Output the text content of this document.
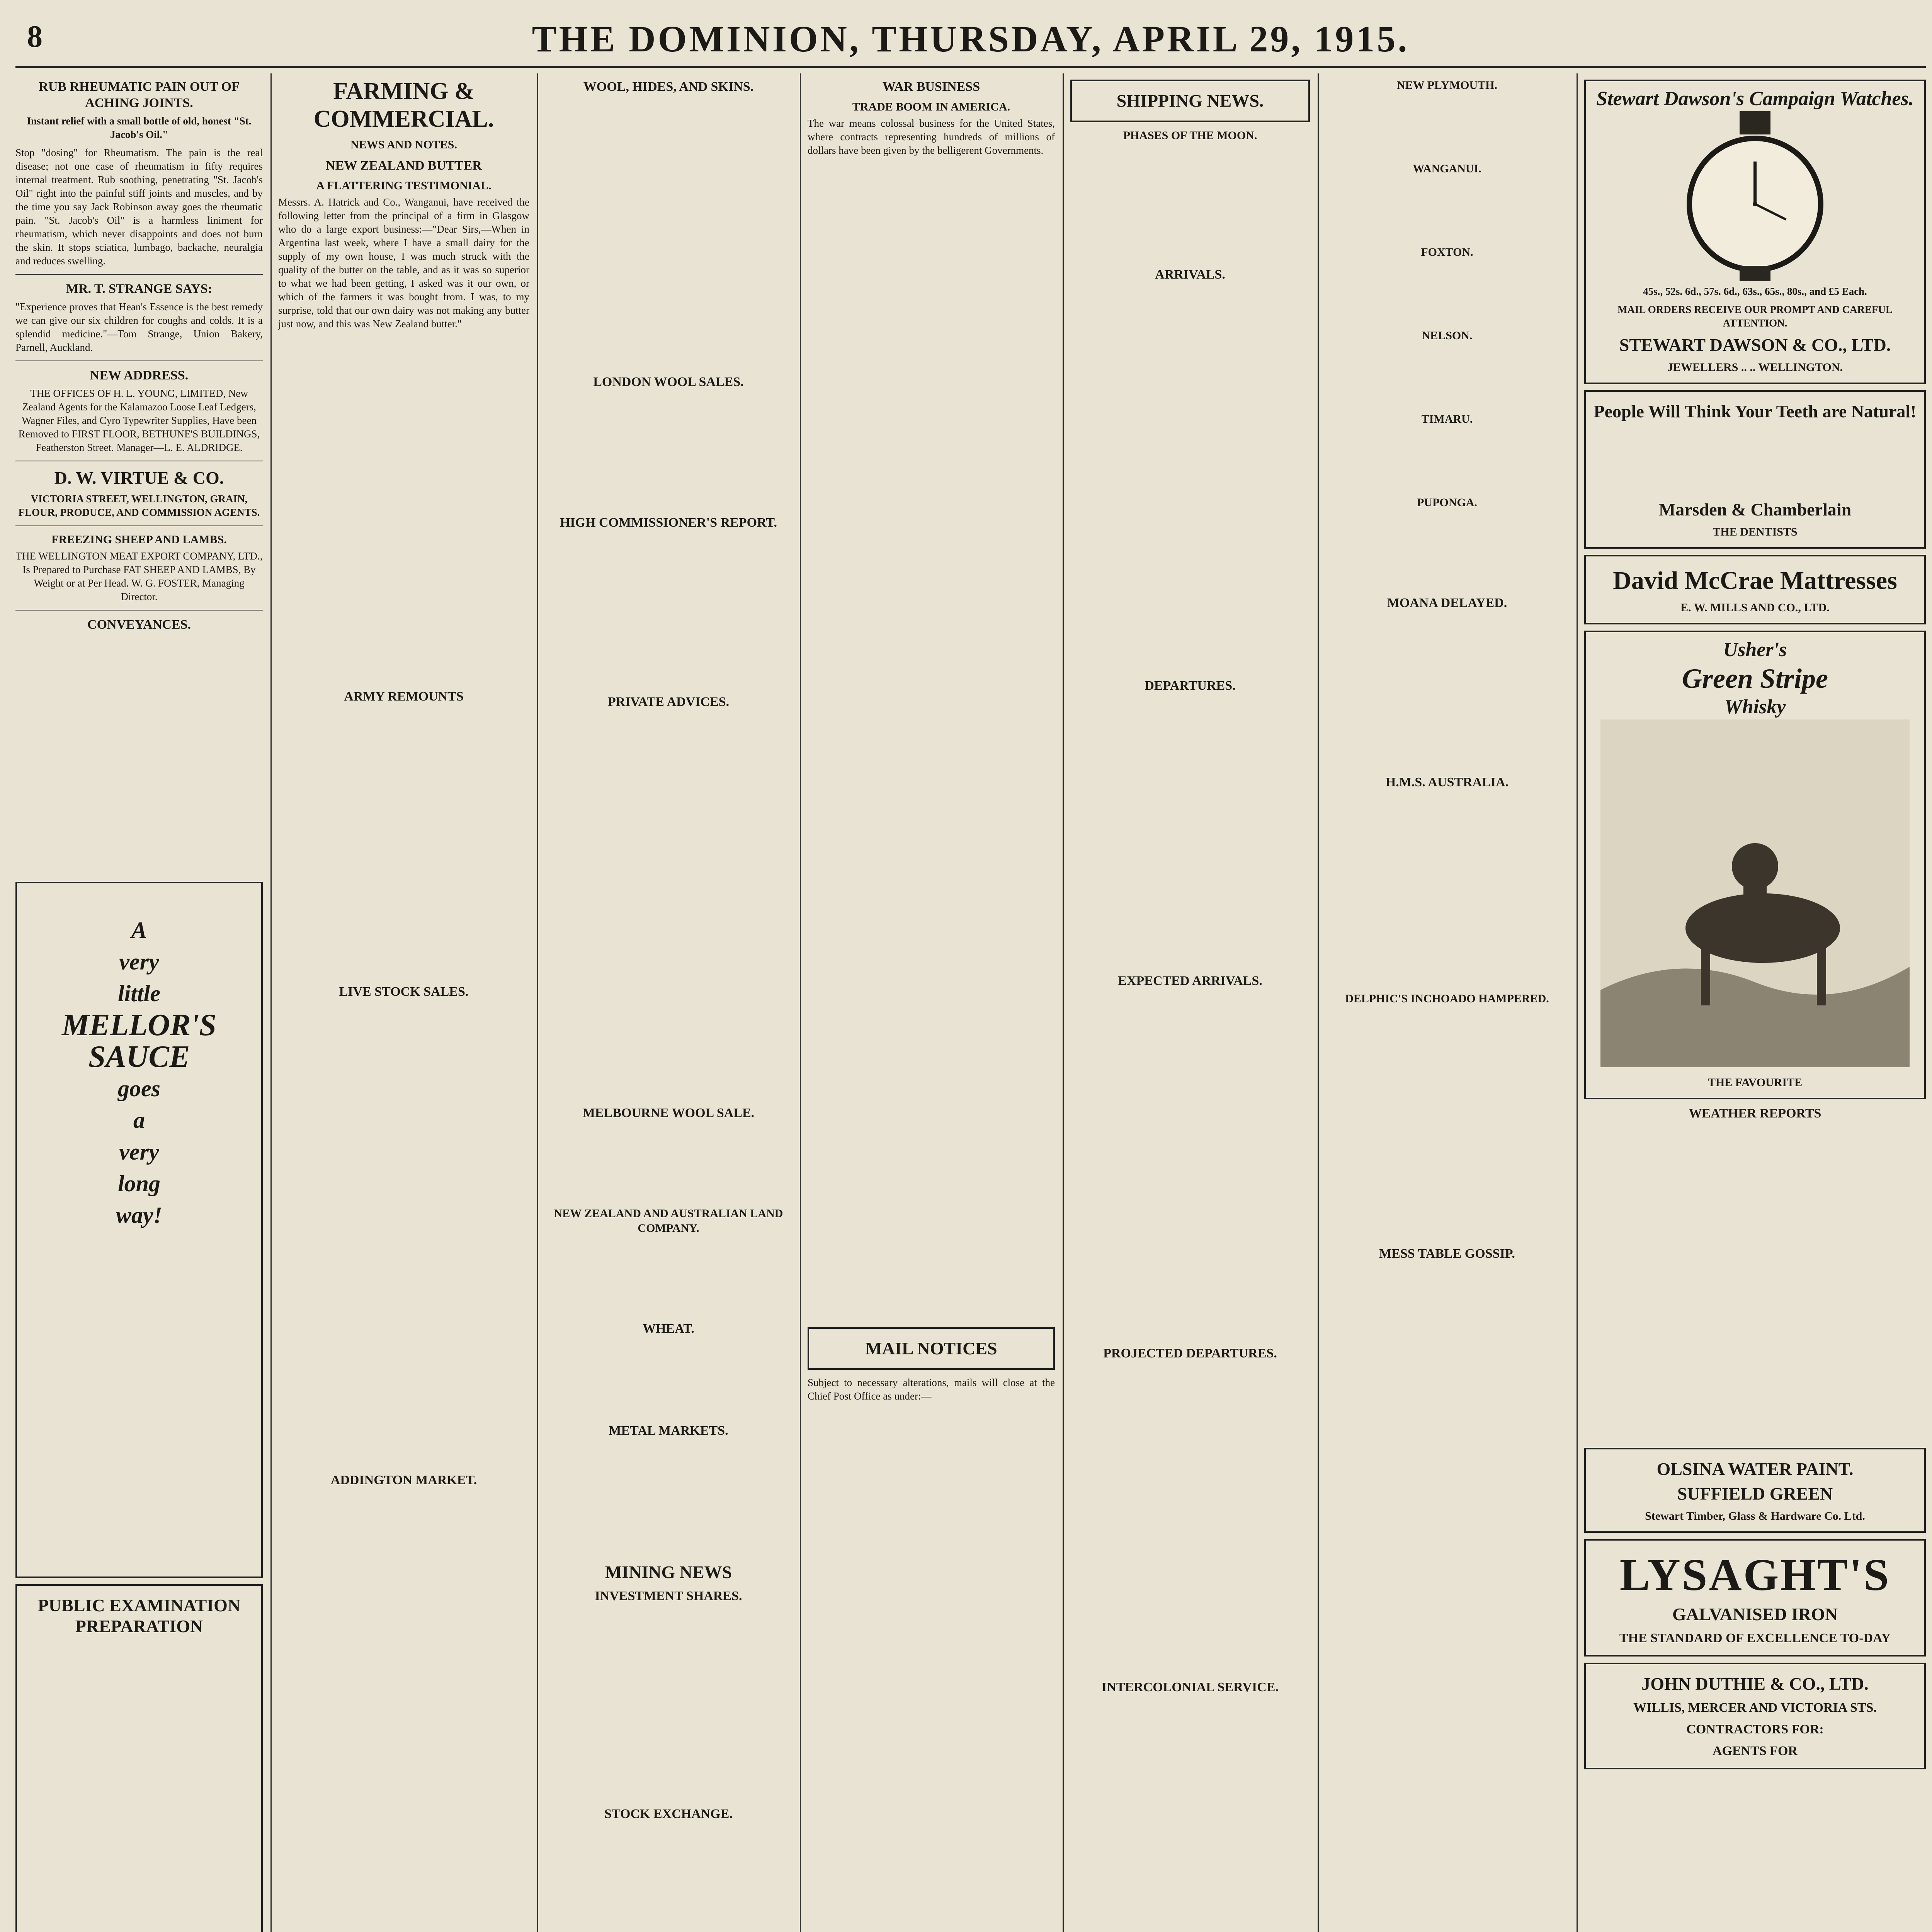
8	THE DOMINION, THURSDAY, APRIL 29, 1915.
RUB RHEUMATIC PAIN OUT OF ACHING JOINTS.

Instant relief with a small bottle of old, honest "St. Jacob's Oil."

Stop "dosing" for Rheumatism. The pain is the real disease; not one case of rheumatism in fifty requires internal treatment. Rub soothing, penetrating "St. Jacob's Oil" right into the painful stiff joints and muscles, and by the time you say Jack Robinson away goes the rheumatic pain. "St. Jacob's Oil" is a harmless liniment for rheumatism, which never disappoints and does not burn the skin. It stops sciatica, lumbago, backache, neuralgia and reduces swelling.

MR. T. STRANGE SAYS:

"Experience proves that Hean's Essence is the best remedy we can give our six children for coughs and colds. It is a splendid medicine."—Tom Strange, Union Bakery, Parnell, Auckland.

NEW ADDRESS.

THE OFFICES OF H. L. YOUNG, LIMITED, New Zealand Agents for the Kalamazoo Loose Leaf Ledgers, Wagner Files, and Cyro Typewriter Supplies, Have been Removed to FIRST FLOOR, BETHUNE'S BUILDINGS, Featherston Street. Manager—L. E. ALDRIDGE.

D. W. VIRTUE & CO.

VICTORIA STREET, WELLINGTON, GRAIN, FLOUR, PRODUCE, AND COMMISSION AGENTS.

FREEZING SHEEP AND LAMBS.

THE WELLINGTON MEAT EXPORT COMPANY, LTD., Is Prepared to Purchase FAT SHEEP AND LAMBS, By Weight or at Per Head. W. G. FOSTER, Managing Director.

CONVEYANCES.
A
very
little
MELLOR'S
SAUCE
goes
a
very
long
way!
PUBLIC EXAMINATION PREPARATION
FARMING & COMMERCIAL.
NEWS AND NOTES.
NEW ZEALAND BUTTER
A FLATTERING TESTIMONIAL.

Messrs. A. Hatrick and Co., Wanganui, have received the following letter from the principal of a firm in Glasgow who do a large export business:—"Dear Sirs,—When in Argentina last week, where I have a small dairy for the supply of my own house, I was much struck with the quality of the butter on the table, and as it was so superior to what we had been getting, I asked was it our own, or which of the farmers it was bought from. I was, to my surprise, told that our own dairy was not making any butter just now, and this was New Zealand butter."

ARMY REMOUNTS
LIVE STOCK SALES.
ADDINGTON MARKET.
WOOL, HIDES, AND SKINS.
LONDON WOOL SALES.
HIGH COMMISSIONER'S REPORT.
PRIVATE ADVICES.
MELBOURNE WOOL SALE.
NEW ZEALAND AND AUSTRALIAN LAND COMPANY.
WHEAT.
METAL MARKETS.
MINING NEWS
INVESTMENT SHARES.
STOCK EXCHANGE.
WAR BUSINESS
TRADE BOOM IN AMERICA.

The war means colossal business for the United States, where contracts representing hundreds of millions of dollars have been given by the belligerent Governments.

MAIL NOTICES

Subject to necessary alterations, mails will close at the Chief Post Office as under:—

SHIPPING NEWS.
PHASES OF THE MOON.
ARRIVALS.
DEPARTURES.
EXPECTED ARRIVALS.
PROJECTED DEPARTURES.
INTERCOLONIAL SERVICE.
NEW PLYMOUTH.
WANGANUI.
FOXTON.
NELSON.
TIMARU.
PUPONGA.
MOANA DELAYED.
H.M.S. AUSTRALIA.
DELPHIC'S INCHOADO HAMPERED.
MESS TABLE GOSSIP.
Stewart Dawson's Campaign Watches.

45s., 52s. 6d., 57s. 6d., 63s., 65s., 80s., and £5 Each.

MAIL ORDERS RECEIVE OUR PROMPT AND CAREFUL ATTENTION.

STEWART DAWSON & CO., LTD.
JEWELLERS .. .. WELLINGTON.
People Will Think Your Teeth are Natural!
Marsden & Chamberlain
THE DENTISTS
David McCrae Mattresses
E. W. MILLS AND CO., LTD.
Usher's
Green Stripe
Whisky
THE FAVOURITE
WEATHER REPORTS
OLSINA WATER PAINT.
SUFFIELD GREEN
Stewart Timber, Glass & Hardware Co. Ltd.
LYSAGHT'S
GALVANISED IRON
THE STANDARD OF EXCELLENCE TO-DAY
JOHN DUTHIE & CO., LTD.
WILLIS, MERCER AND VICTORIA STS.
CONTRACTORS FOR:
AGENTS FOR
